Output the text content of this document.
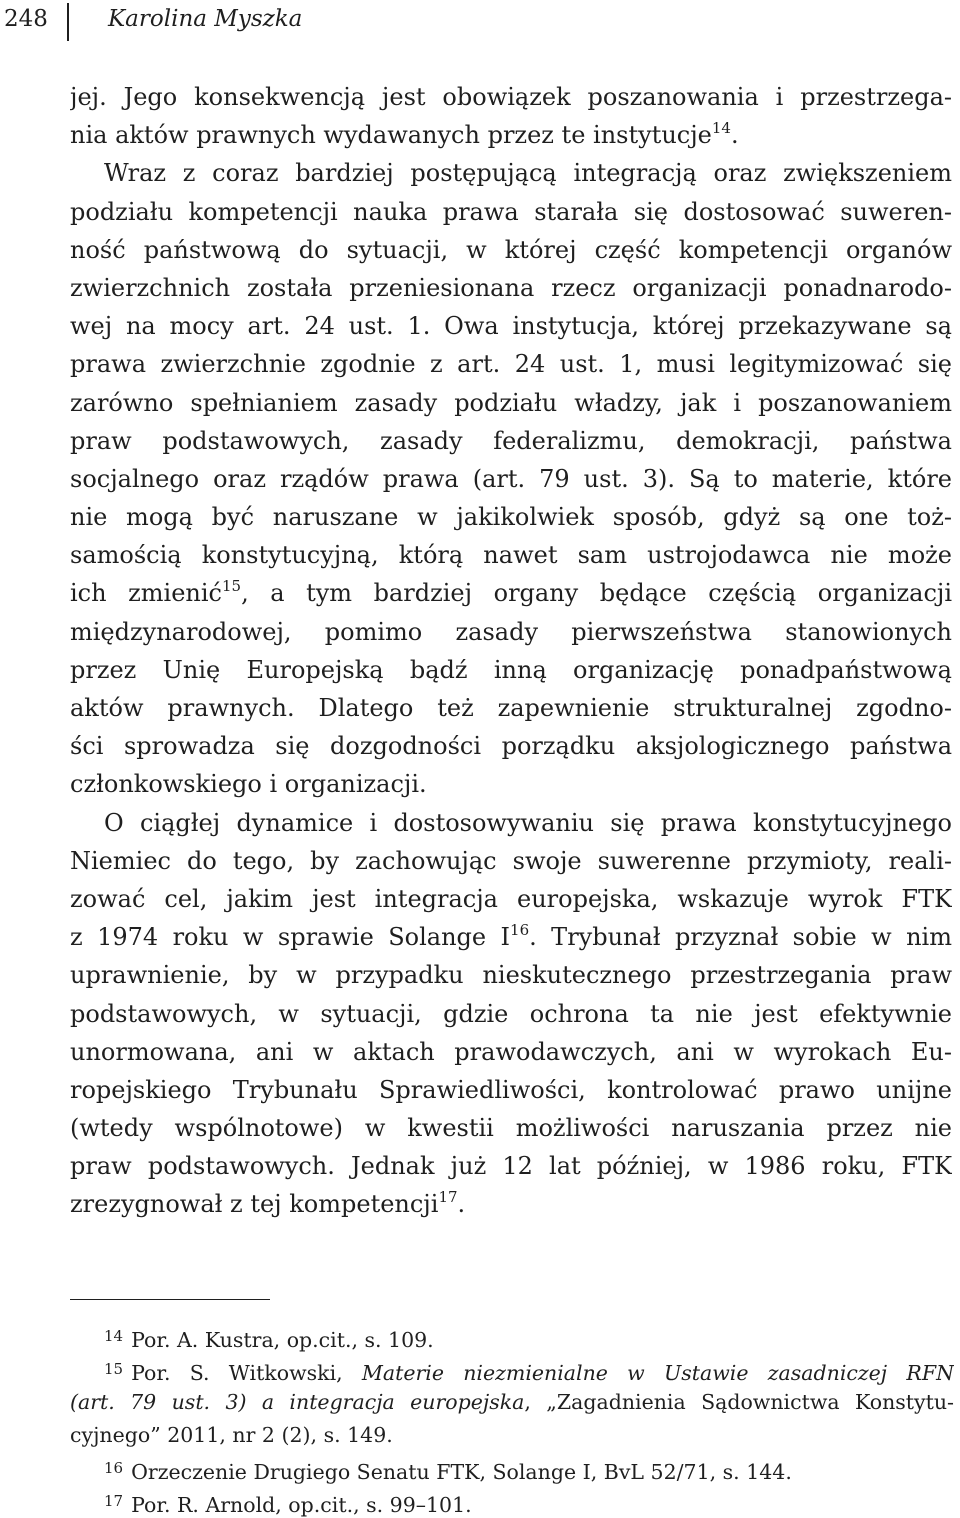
248	Karolina Myszka
jej. Jego konsekwencją jest obowiązek poszanowania i przestrzega-
nia aktów prawnych wydawanych przez te instytucje$^{14}$.
Wraz z coraz bardziej postępującą integracją oraz zwiększeniem
podziału kompetencji nauka prawa starała się dostosować suweren-
ność państwową do sytuacji, w której część kompetencji organów
zwierzchnich została przeniesionana rzecz organizacji ponadnarodo-
wej na mocy art. 24 ust. 1. Owa instytucja, której przekazywane są
prawa zwierzchnie zgodnie z art. 24 ust. 1, musi legitymizować się
zarówno spełnianiem zasady podziału władzy, jak i poszanowaniem
praw podstawowych, zasady federalizmu, demokracji, państwa
socjalnego oraz rządów prawa (art. 79 ust. 3). Są to materie, które
nie mogą być naruszane w jakikolwiek sposób, gdyż są one toż-
samością konstytucyjną, którą nawet sam ustrojodawca nie może
ich zmienić$^{15}$, a tym bardziej organy będące częścią organizacji
międzynarodowej, pomimo zasady pierwszeństwa stanowionych
przez Unię Europejską bądź inną organizację ponadpaństwową
aktów prawnych. Dlatego też zapewnienie strukturalnej zgodno-
ści sprowadza się dozgodności porządku aksjologicznego państwa
członkowskiego i organizacji.
O ciągłej dynamice i dostosowywaniu się prawa konstytucyjnego
Niemiec do tego, by zachowując swoje suwerenne przymioty, reali-
zować cel, jakim jest integracja europejska, wskazuje wyrok FTK
z 1974 roku w sprawie Solange $I^{16}$. Trybunał przyznał sobie w nim
uprawnienie, by w przypadku nieskutecznego przestrzegania praw
podstawowych, w sytuacji, gdzie ochrona ta nie jest efektywnie
unormowana, ani w aktach prawodawczych, ani w wyrokach Eu-
ropejskiego Trybunału Sprawiedliwości, kontrolować prawo unijne
(wtedy wspólnotowe) w kwestii możliwości naruszania przez nie
praw podstawowych. Jednak już 12 lat później, w 1986 roku, FTK
zrezygnował z tej kompetencji$^{17}$.
$^{14}$ Por. A. Kustra, op.cit., s. 109.
$^{15}$ Por. S. Witkowski, Materie niezmienialne w Ustawie zasadniczej RFN
(art. 79 ust. 3) a integracja europejska, „Zagadnienia Sądownictwa Konstytu-
cyjnego” 2011, nr 2 (2), s. 149.
$^{16}$ Orzeczenie Drugiego Senatu FTK, Solange I, BvL 52/71, s. 144.
$^{17}$ Por. R. Arnold, op.cit., s. 99–101.
